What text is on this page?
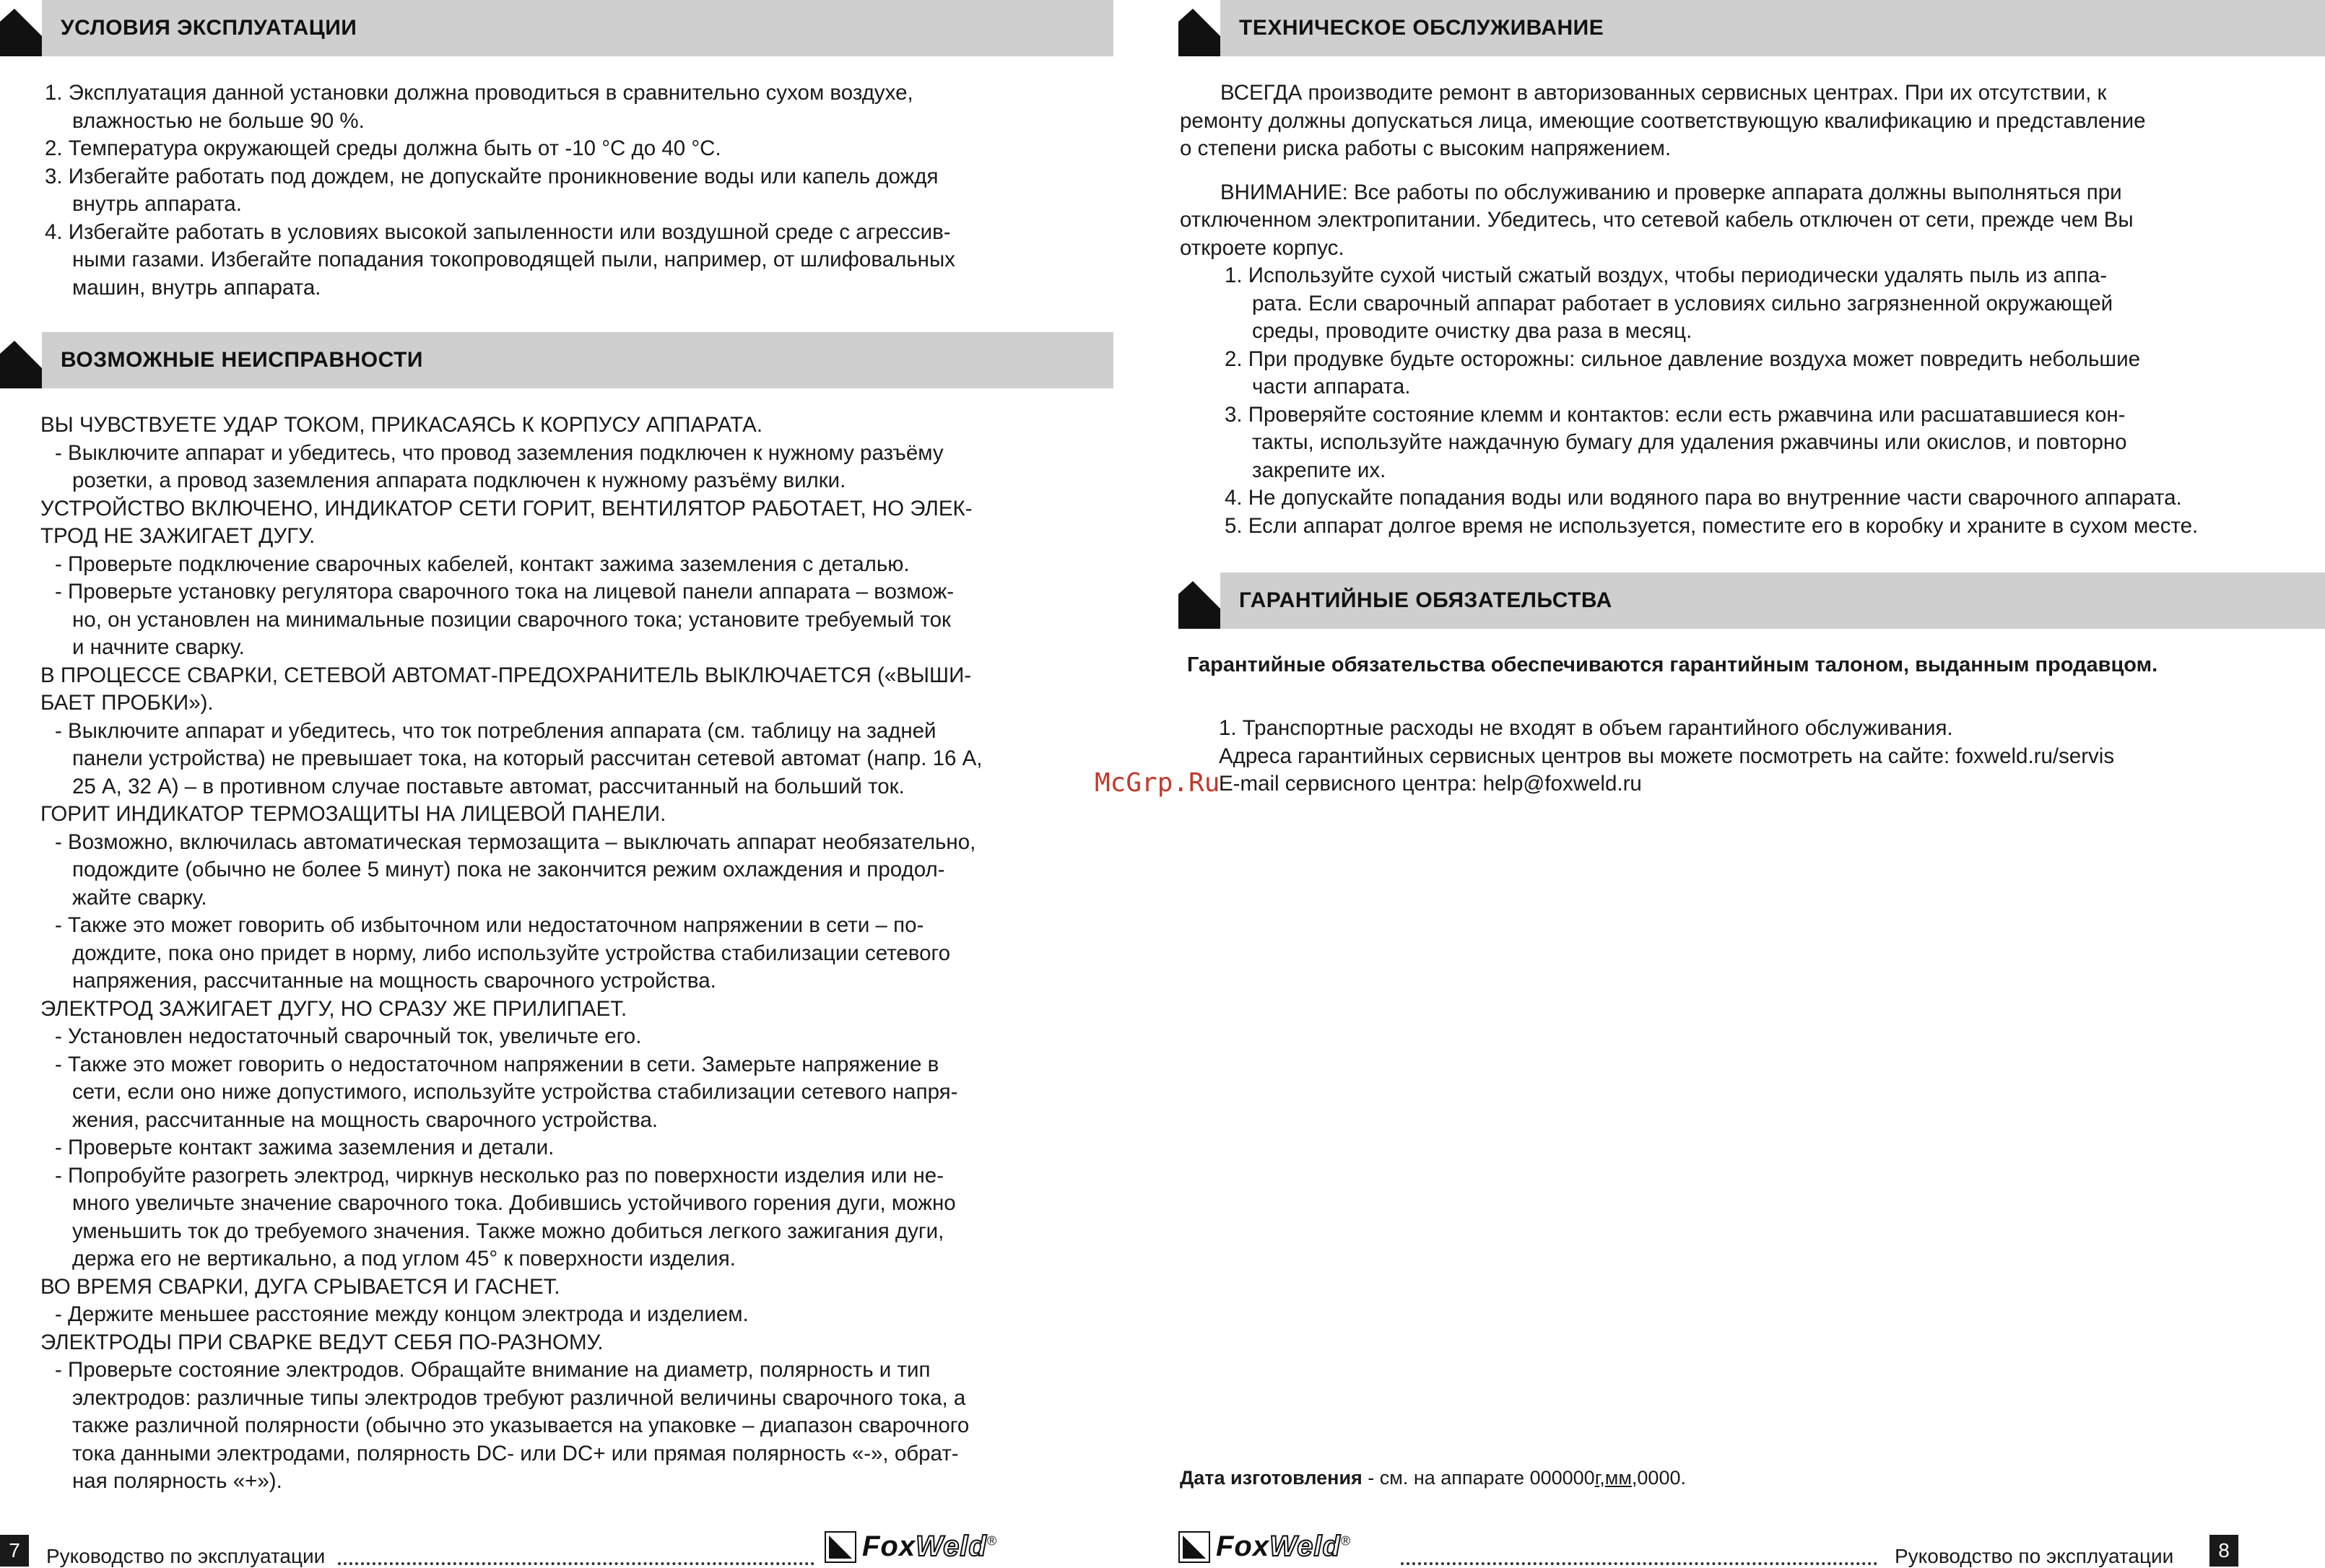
УСЛОВИЯ ЭКСПЛУАТАЦИИ

1. Эксплуатация данной установки должна проводиться в сравнительно сухом воздухе,

влажностью не больше 90 %.

2. Температура окружающей среды должна быть от -10 °С до 40 °С.

3. Избегайте работать под дождем, не допускайте проникновение воды или капель дождя

внутрь аппарата.

4. Избегайте работать в условиях высокой запыленности или воздушной среде с агрессив-

ными газами. Избегайте попадания токопроводящей пыли, например, от шлифовальных

машин, внутрь аппарата.

ВОЗМОЖНЫЕ НЕИСПРАВНОСТИ

ВЫ ЧУВСТВУЕТЕ УДАР ТОКОМ, ПРИКАСАЯСЬ К КОРПУСУ АППАРАТА.

- Выключите аппарат и убедитесь, что провод заземления подключен к нужному разъёму

розетки, а провод заземления аппарата подключен к нужному разъёму вилки.

УСТРОЙСТВО ВКЛЮЧЕНО, ИНДИКАТОР СЕТИ ГОРИТ, ВЕНТИЛЯТОР РАБОТАЕТ, НО ЭЛЕК-

ТРОД НЕ ЗАЖИГАЕТ ДУГУ.

- Проверьте подключение сварочных кабелей, контакт зажима заземления с деталью.

- Проверьте установку регулятора сварочного тока на лицевой панели аппарата – возмож-

но, он установлен на минимальные позиции сварочного тока; установите требуемый ток

и начните сварку.

В ПРОЦЕССЕ СВАРКИ, СЕТЕВОЙ АВТОМАТ-ПРЕДОХРАНИТЕЛЬ ВЫКЛЮЧАЕТСЯ («ВЫШИ-

БАЕТ ПРОБКИ»).

- Выключите аппарат и убедитесь, что ток потребления аппарата (см. таблицу на задней

панели устройства) не превышает тока, на который рассчитан сетевой автомат (напр. 16 А,

25 А, 32 А) – в противном случае поставьте автомат, рассчитанный на больший ток.

ГОРИТ ИНДИКАТОР ТЕРМОЗАЩИТЫ НА ЛИЦЕВОЙ ПАНЕЛИ.

- Возможно, включилась автоматическая термозащита – выключать аппарат необязательно,

подождите (обычно не более 5 минут) пока не закончится режим охлаждения и продол-

жайте сварку.

- Также это может говорить об избыточном или недостаточном напряжении в сети – по-

дождите, пока оно придет в норму, либо используйте устройства стабилизации сетевого

напряжения, рассчитанные на мощность сварочного устройства.

ЭЛЕКТРОД ЗАЖИГАЕТ ДУГУ, НО СРАЗУ ЖЕ ПРИЛИПАЕТ.

- Установлен недостаточный сварочный ток, увеличьте его.

- Также это может говорить о недостаточном напряжении в сети. Замерьте напряжение в

сети, если оно ниже допустимого, используйте устройства стабилизации сетевого напря-

жения, рассчитанные на мощность сварочного устройства.

- Проверьте контакт зажима заземления и детали.

- Попробуйте разогреть электрод, чиркнув несколько раз по поверхности изделия или не-

много увеличьте значение сварочного тока. Добившись устойчивого горения дуги, можно

уменьшить ток до требуемого значения. Также можно добиться легкого зажигания дуги,

держа его не вертикально, а под углом 45° к поверхности изделия.

ВО ВРЕМЯ СВАРКИ, ДУГА СРЫВАЕТСЯ И ГАСНЕТ.

- Держите меньшее расстояние между концом электрода и изделием.

ЭЛЕКТРОДЫ ПРИ СВАРКЕ ВЕДУТ СЕБЯ ПО-РАЗНОМУ.

- Проверьте состояние электродов. Обращайте внимание на диаметр, полярность и тип

электродов: различные типы электродов требуют различной величины сварочного тока, а

также различной полярности (обычно это указывается на упаковке – диапазон сварочного

тока данными электродами, полярность DC- или DC+ или прямая полярность «-», обрат-

ная полярность «+»).

7	Руководство по эксплуатации	FoxWeld®
ТЕХНИЧЕСКОЕ ОБСЛУЖИВАНИЕ

ВСЕГДА производите ремонт в авторизованных сервисных центрах. При их отсутствии, к

ремонту должны допускаться лица, имеющие соответствующую квалификацию и представление

о степени риска работы с высоким напряжением.

ВНИМАНИЕ: Все работы по обслуживанию и проверке аппарата должны выполняться при

отключенном электропитании. Убедитесь, что сетевой кабель отключен от сети, прежде чем Вы

откроете корпус.

1. Используйте сухой чистый сжатый воздух, чтобы периодически удалять пыль из аппа-

рата. Если сварочный аппарат работает в условиях сильно загрязненной окружающей

среды, проводите очистку два раза в месяц.

2. При продувке будьте осторожны: сильное давление воздуха может повредить небольшие

части аппарата.

3. Проверяйте состояние клемм и контактов: если есть ржавчина или расшатавшиеся кон-

такты, используйте наждачную бумагу для удаления ржавчины или окислов, и повторно

закрепите их.

4. Не допускайте попадания воды или водяного пара во внутренние части сварочного аппарата.

5. Если аппарат долгое время не используется, поместите его в коробку и храните в сухом месте.

ГАРАНТИЙНЫЕ ОБЯЗАТЕЛЬСТВА
Гарантийные обязательства обеспечиваются гарантийным талоном, выданным продавцом.

1. Транспортные расходы не входят в объем гарантийного обслуживания.

Адреса гарантийных сервисных центров вы можете посмотреть на сайте: foxweld.ru/servis

E-mail сервисного центра: help@foxweld.ru

Дата изготовления - см. на аппарате 000000г,мм,0000.
FoxWeld®
Руководство по эксплуатации	8
McGrp.Ru
